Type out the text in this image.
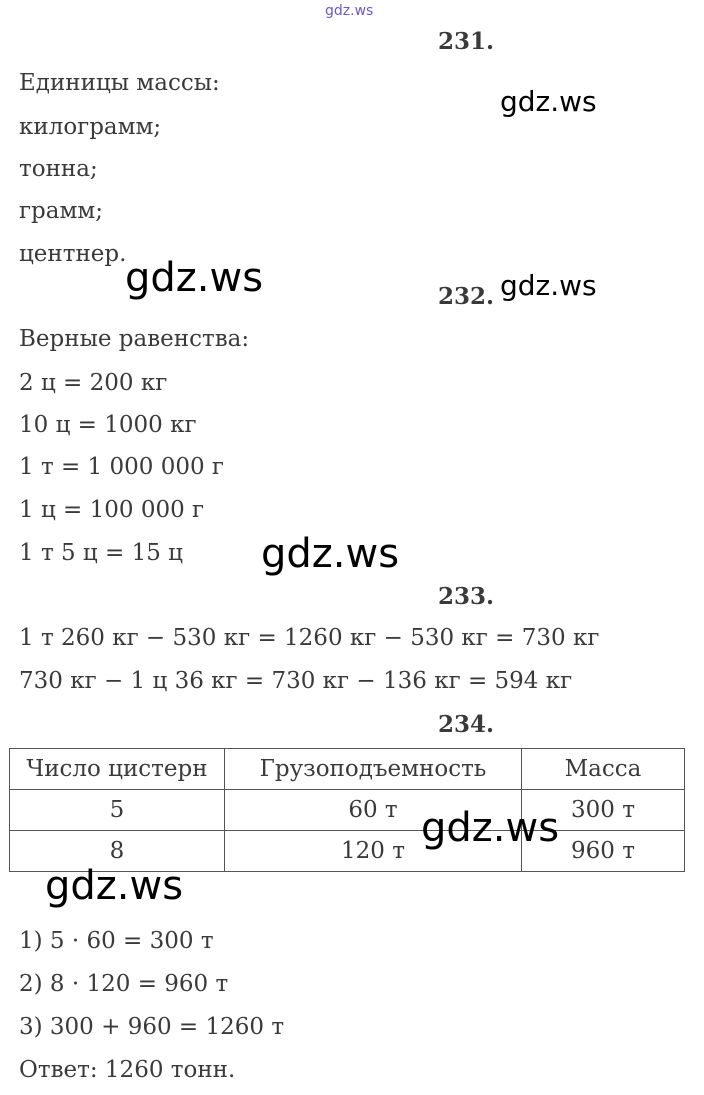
gdz.ws
231.
Единицы массы:
килограмм;
тонна;
грамм;
центнер.
gdz.ws
gdz.ws	232. gdz.ws
Верные равенства:
2 ц = 200 кг
10 ц = 1000 кг
1 т = 1 000 000 г
1 ц = 100 000 г
1 т 5 ц = 15 ц gdz.ws
233.
1 т 260 кг − 530 кг = 1260 кг − 530 кг = 730 кг
730 кг − 1 ц 36 кг = 730 кг − 136 кг = 594 кг
234.
Число цистерн	Грузоподъемность	Масса
5	60 т	300 т
8	120 т	960 т
gdz.ws
gdz.ws
1) 5 · 60 = 300 т
2) 8 · 120 = 960 т
3) 300 + 960 = 1260 т
Ответ: 1260 тонн.
